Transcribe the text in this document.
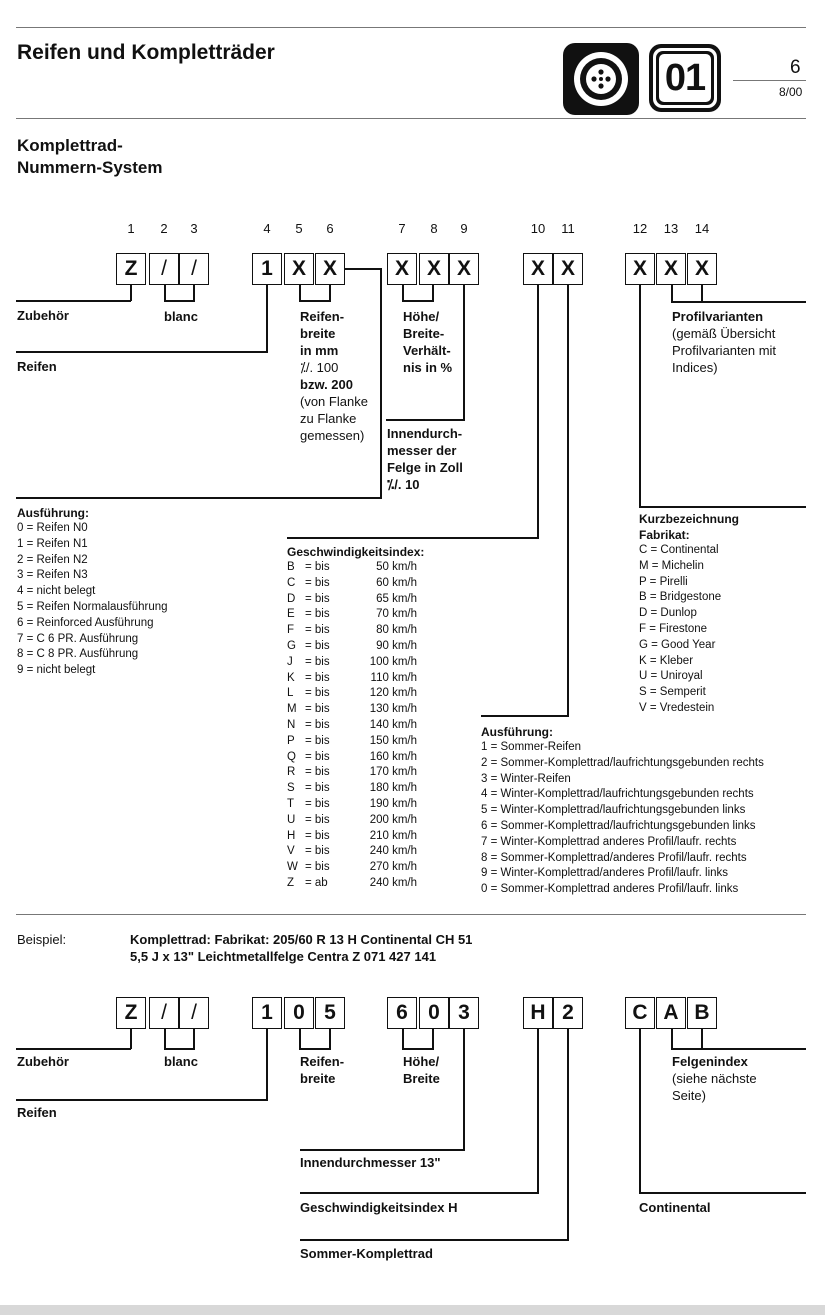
Reifen und Kompletträder
01	6
8/00
Komplettrad-
Nummern-System
1	2	3	4	5	6	7	8	9	10 11	12 13 14
Z	/	/	1 X X	X X X	X X	X X X
Zubehör	blanc
Reifen
Reifen-
breite
in mm
⁒/. 100
bzw. 200
(von Flanke
zu Flanke
gemessen)
Höhe/
Breite-
Verhält-
nis in %
Innendurch-
messer der
Felge in Zoll
⁒/. 10
Profilvarianten
(gemäß Übersicht
Profilvarianten mit
Indices)
Ausführung:
0 = Reifen N0
1 = Reifen N1
2 = Reifen N2
3 = Reifen N3
4 = nicht belegt
5 = Reifen Normalausführung
6 = Reinforced Ausführung
7 = C 6 PR. Ausführung
8 = C 8 PR. Ausführung
9 = nicht belegt
Geschwindigkeitsindex:
B = bis	50 km/h
C = bis	60 km/h
D = bis	65 km/h
E = bis	70 km/h
F = bis	80 km/h
G = bis	90 km/h
J	= bis	100 km/h
K = bis	110 km/h
L	= bis	120 km/h
M = bis	130 km/h
N = bis	140 km/h
P = bis	150 km/h
Q = bis	160 km/h
R = bis	170 km/h
S = bis	180 km/h
T = bis	190 km/h
U = bis	200 km/h
H = bis	210 km/h
V = bis	240 km/h
W = bis	270 km/h
Z = ab	240 km/h
Kurzbezeichnung
Fabrikat:
C = Continental
M = Michelin
P = Pirelli
B = Bridgestone
D = Dunlop
F = Firestone
G = Good Year
K = Kleber
U = Uniroyal
S = Semperit
V = Vredestein
Ausführung:
1 = Sommer-Reifen
2 = Sommer-Komplettrad/laufrichtungsgebunden rechts
3 = Winter-Reifen
4 = Winter-Komplettrad/laufrichtungsgebunden rechts
5 = Winter-Komplettrad/laufrichtungsgebunden links
6 = Sommer-Komplettrad/laufrichtungsgebunden links
7 = Winter-Komplettrad anderes Profil/laufr. rechts
8 = Sommer-Komplettrad/anderes Profil/laufr. rechts
9 = Winter-Komplettrad/anderes Profil/laufr. links
0 = Sommer-Komplettrad anderes Profil/laufr. links
Beispiel:	Komplettrad: Fabrikat: 205/60 R 13 H Continental CH 51
5,5 J x 13" Leichtmetallfelge Centra Z 071 427 141
Z	/	/	1 0 5	6 0 3	H 2	C A B
Zubehör	blanc
Reifen
Reifen-
breite
Höhe/
Breite
Felgenindex
(siehe nächste
Seite)
Innendurchmesser 13"
Geschwindigkeitsindex H	Continental
Sommer-Komplettrad
